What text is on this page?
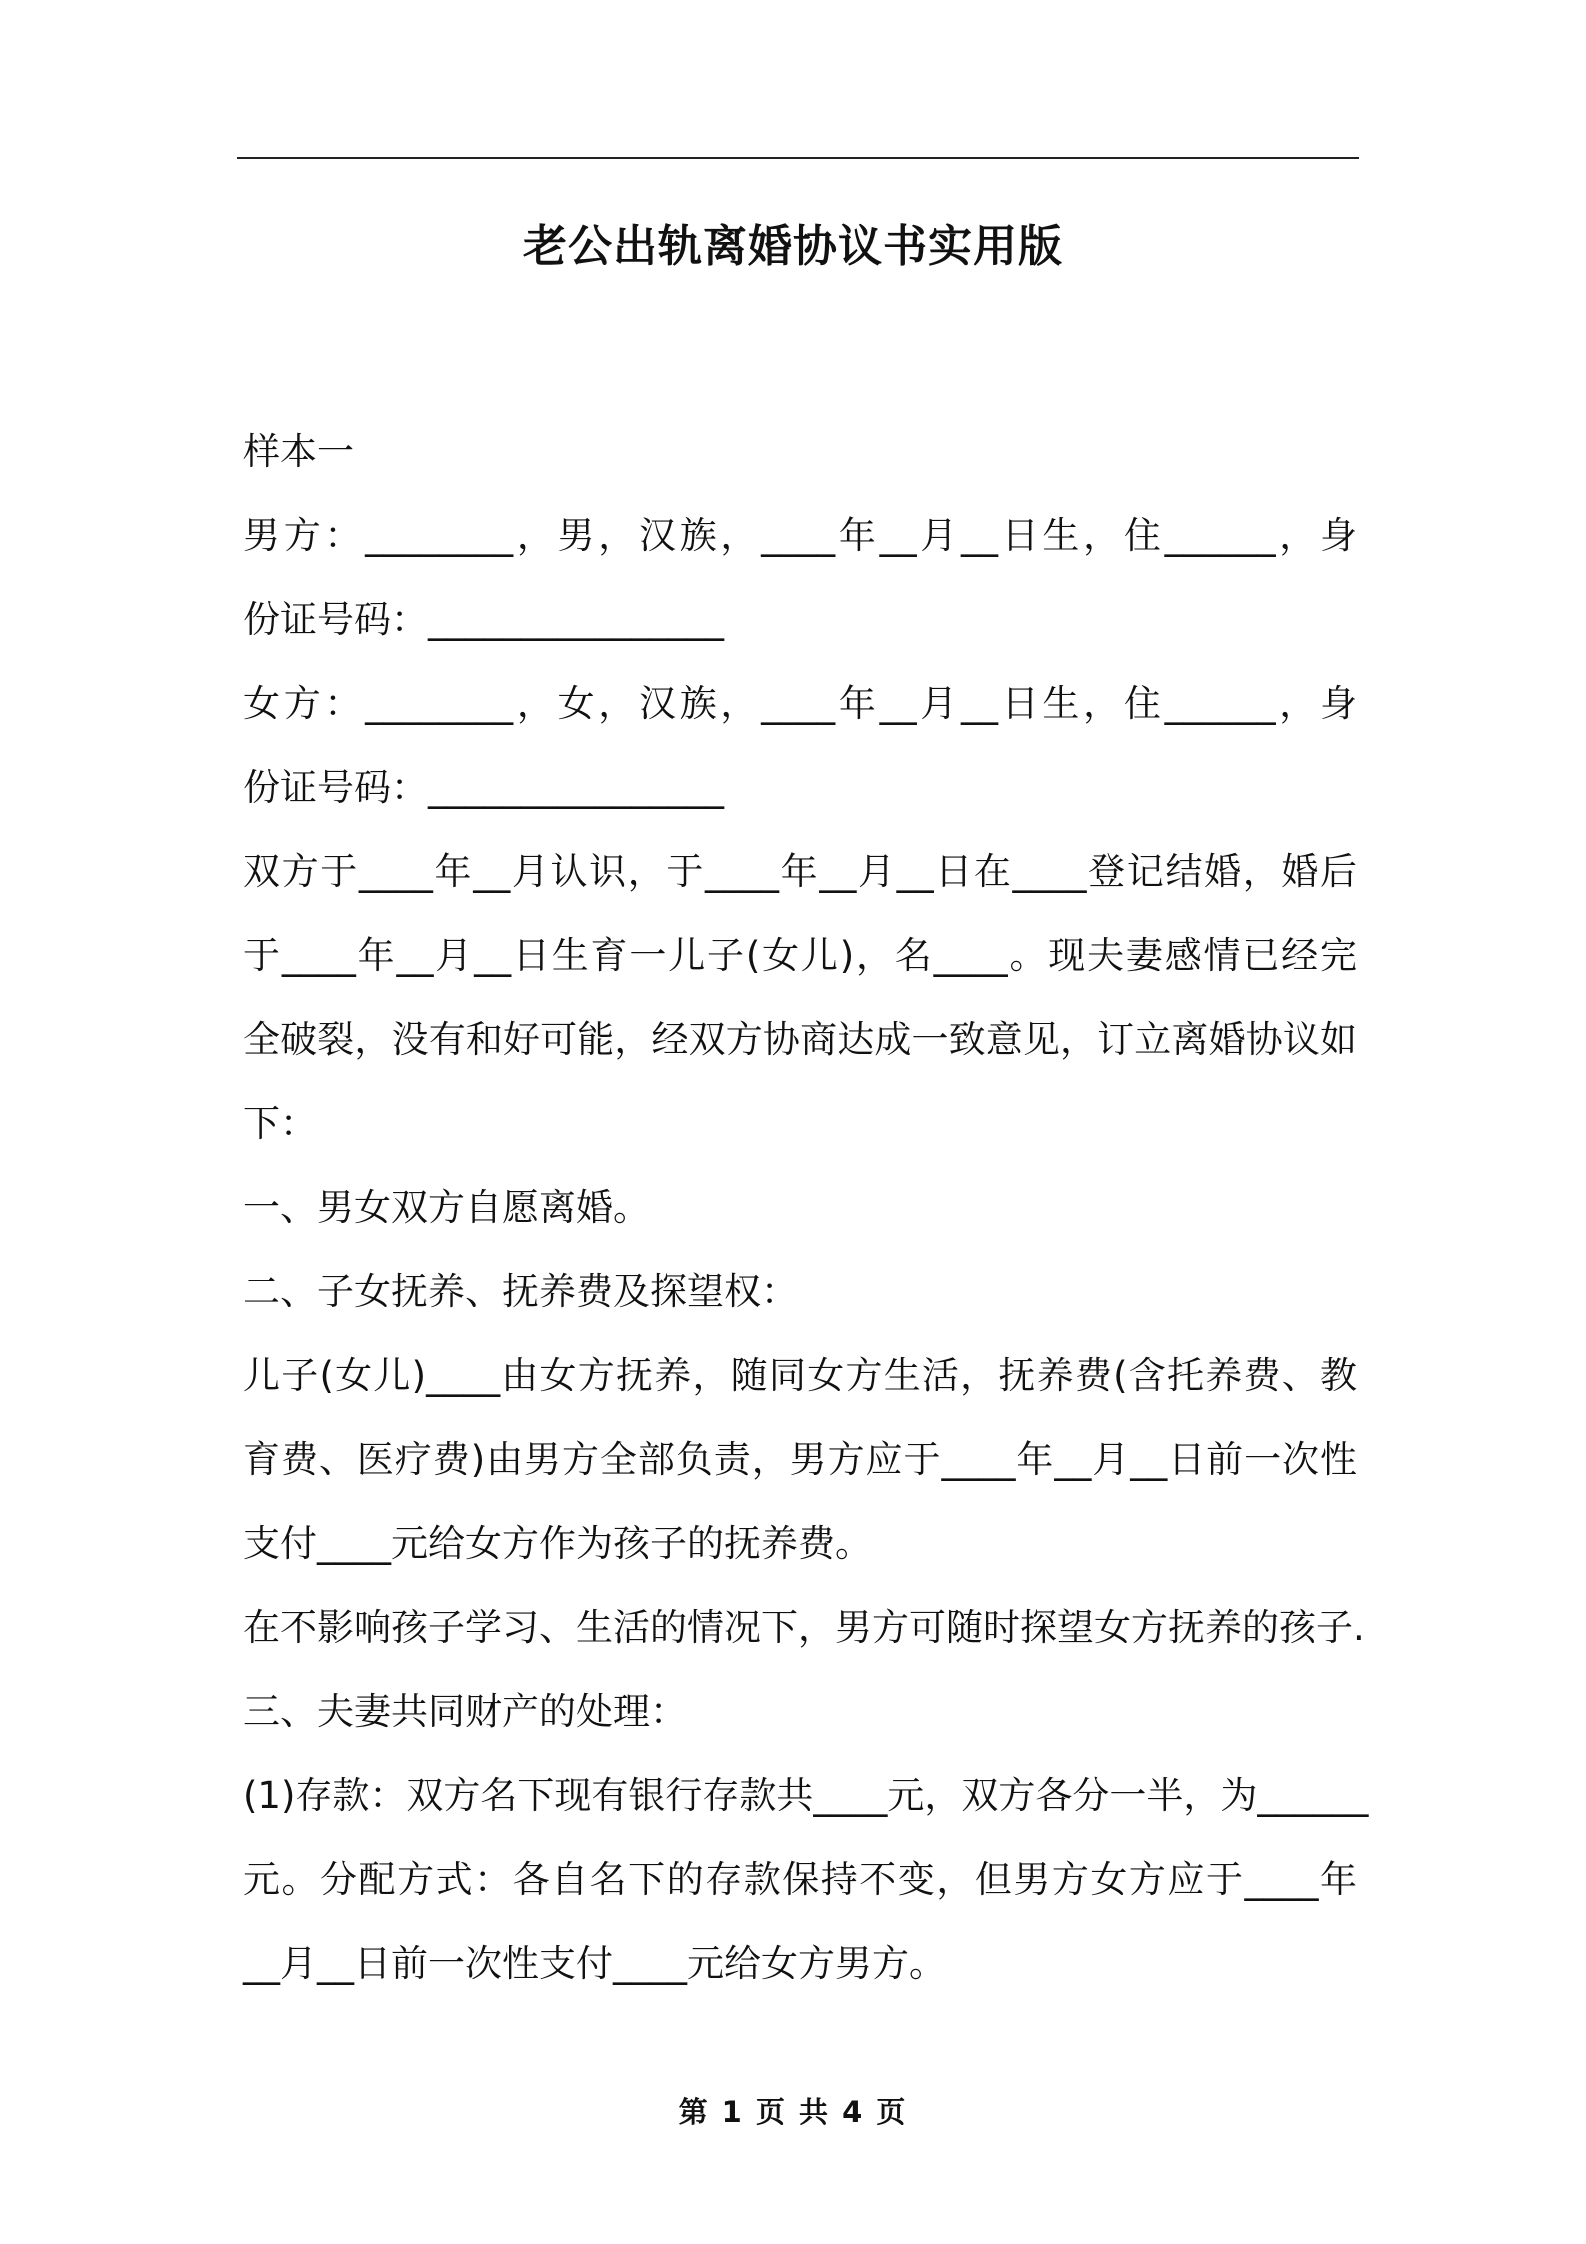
老公出轨离婚协议书实用版
样本一
男方：________，男，汉族，____年__月__日生，住______，身
份证号码：________________
女方：________，女，汉族，____年__月__日生，住______，身
份证号码：________________
双方于____年__月认识，于____年__月__日在____登记结婚，婚后
于____年__月__日生育一儿子(女儿)，名____。现夫妻感情已经完
全破裂，没有和好可能，经双方协商达成一致意见，订立离婚协议如
下：
一、男女双方自愿离婚。
二、子女抚养、抚养费及探望权：
儿子(女儿)____由女方抚养，随同女方生活，抚养费(含托养费、教
育费、医疗费)由男方全部负责，男方应于____年__月__日前一次性
支付____元给女方作为孩子的抚养费。
在不影响孩子学习、生活的情况下，男方可随时探望女方抚养的孩子.
三、夫妻共同财产的处理：
(1)存款：双方名下现有银行存款共____元，双方各分一半，为______
元。分配方式：各自名下的存款保持不变，但男方女方应于____年
__月__日前一次性支付____元给女方男方。
第 1 页 共 4 页
